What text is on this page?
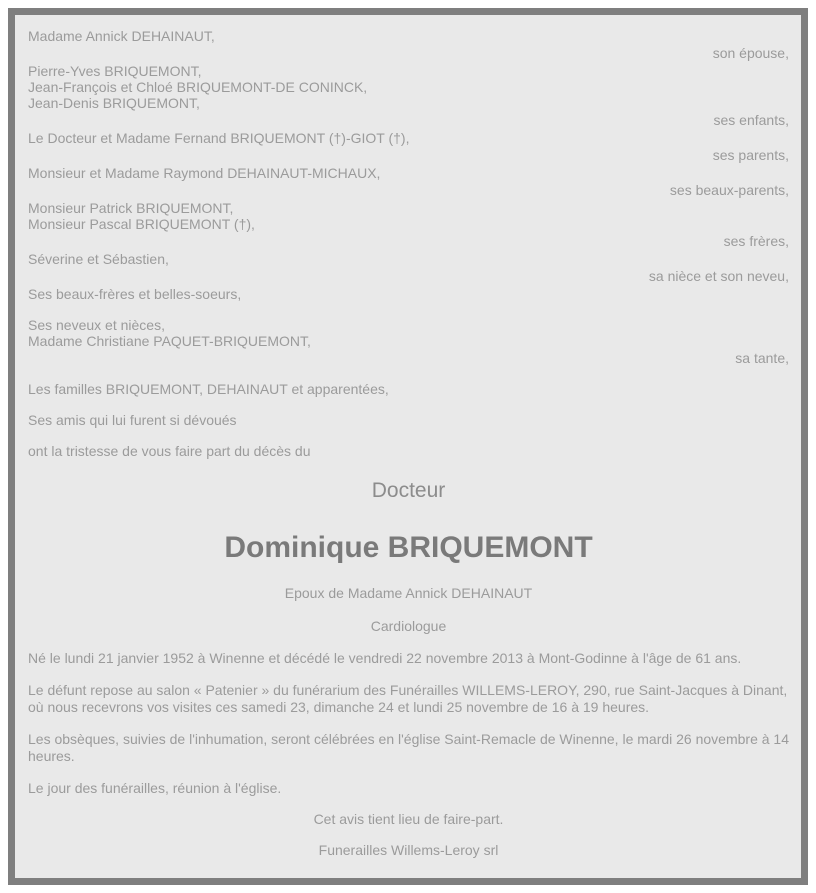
Madame Annick DEHAINAUT,
son épouse,
Pierre-Yves BRIQUEMONT,
Jean-François et Chloé BRIQUEMONT-DE CONINCK,
Jean-Denis BRIQUEMONT,
ses enfants,
Le Docteur et Madame Fernand BRIQUEMONT (†)-GIOT (†),
ses parents,
Monsieur et Madame Raymond DEHAINAUT-MICHAUX,
ses beaux-parents,
Monsieur Patrick BRIQUEMONT,
Monsieur Pascal BRIQUEMONT (†),
ses frères,
Séverine et Sébastien,
sa nièce et son neveu,
Ses beaux-frères et belles-soeurs,
Ses neveux et nièces,
Madame Christiane PAQUET-BRIQUEMONT,
sa tante,
Les familles BRIQUEMONT, DEHAINAUT et apparentées,
Ses amis qui lui furent si dévoués
ont la tristesse de vous faire part du décès du
Docteur
Dominique BRIQUEMONT
Epoux de Madame Annick DEHAINAUT
Cardiologue

Né le lundi 21 janvier 1952 à Winenne et décédé le vendredi 22 novembre 2013 à Mont-Godinne à l'âge de 61 ans.

Le défunt repose au salon « Patenier » du funérarium des Funérailles WILLEMS-LEROY, 290, rue Saint-Jacques à Dinant, où nous recevrons vos visites ces samedi 23, dimanche 24 et lundi 25 novembre de 16 à 19 heures.

Les obsèques, suivies de l'inhumation, seront célébrées en l'église Saint-Remacle de Winenne, le mardi 26 novembre à 14 heures.

Le jour des funérailles, réunion à l'église.

Cet avis tient lieu de faire-part.
Funerailles Willems-Leroy srl
